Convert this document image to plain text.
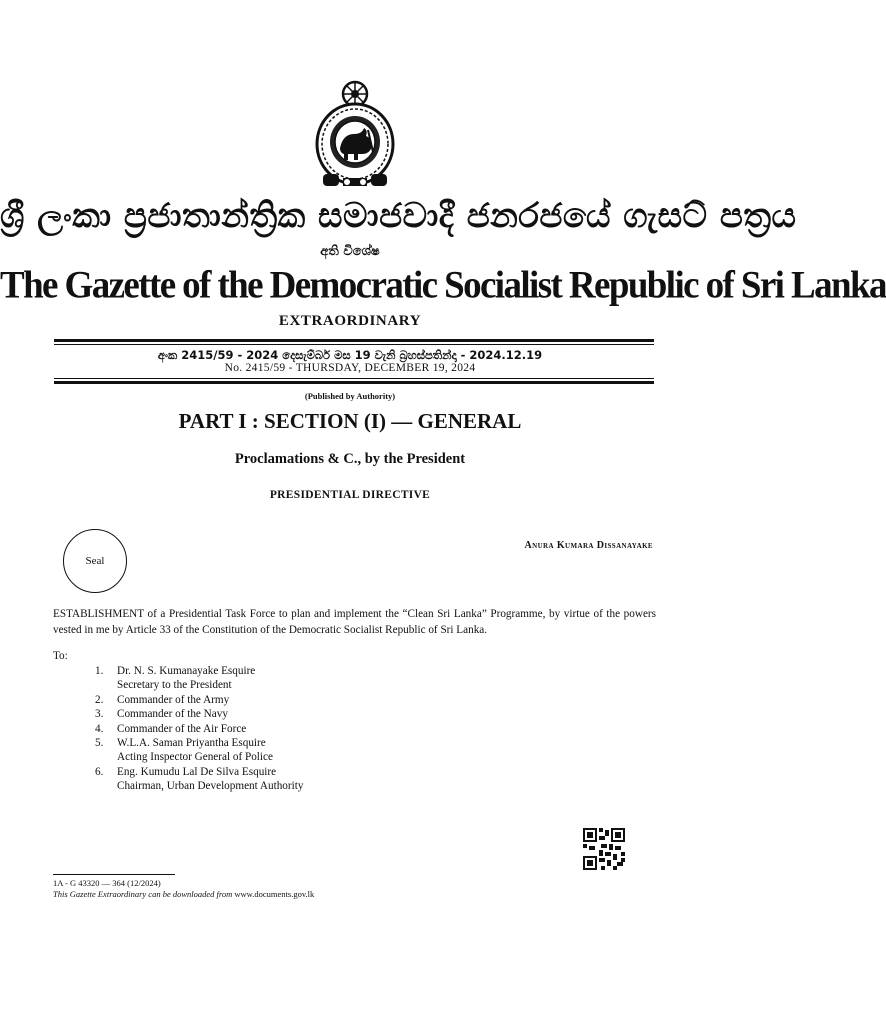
ශ්‍රී ලංකා ප්‍රජාතාන්ත්‍රික සමාජවාදී ජනරජයේ ගැසට් පත්‍රය
අති විශේෂ
The Gazette of the Democratic Socialist Republic of Sri Lanka
EXTRAORDINARY
අංක 2415/59 - 2024 දෙසැම්බර් මස 19 වැනි බ්‍රහස්පතින්දා - 2024.12.19
No. 2415/59 - THURSDAY, DECEMBER 19, 2024
(Published by Authority)
PART I : SECTION (I) — GENERAL
Proclamations & C., by the President
PRESIDENTIAL DIRECTIVE
Seal
Anura Kumara Dissanayake
ESTABLISHMENT of a Presidential Task Force to plan and implement the “Clean Sri Lanka” Programme, by virtue of the powers vested in me by Article 33 of the Constitution of the Democratic Socialist Republic of Sri Lanka.
To:
1.	Dr. N. S. Kumanayake Esquire
Secretary to the President
2.	Commander of the Army
3.	Commander of the Navy
4.	Commander of the Air Force
5.	W.L.A. Saman Priyantha Esquire
Acting Inspector General of Police
6.	Eng. Kumudu Lal De Silva Esquire
Chairman, Urban Development Authority
1A - G 43320 — 364 (12/2024)
This Gazette Extraordinary can be downloaded from www.documents.gov.lk
